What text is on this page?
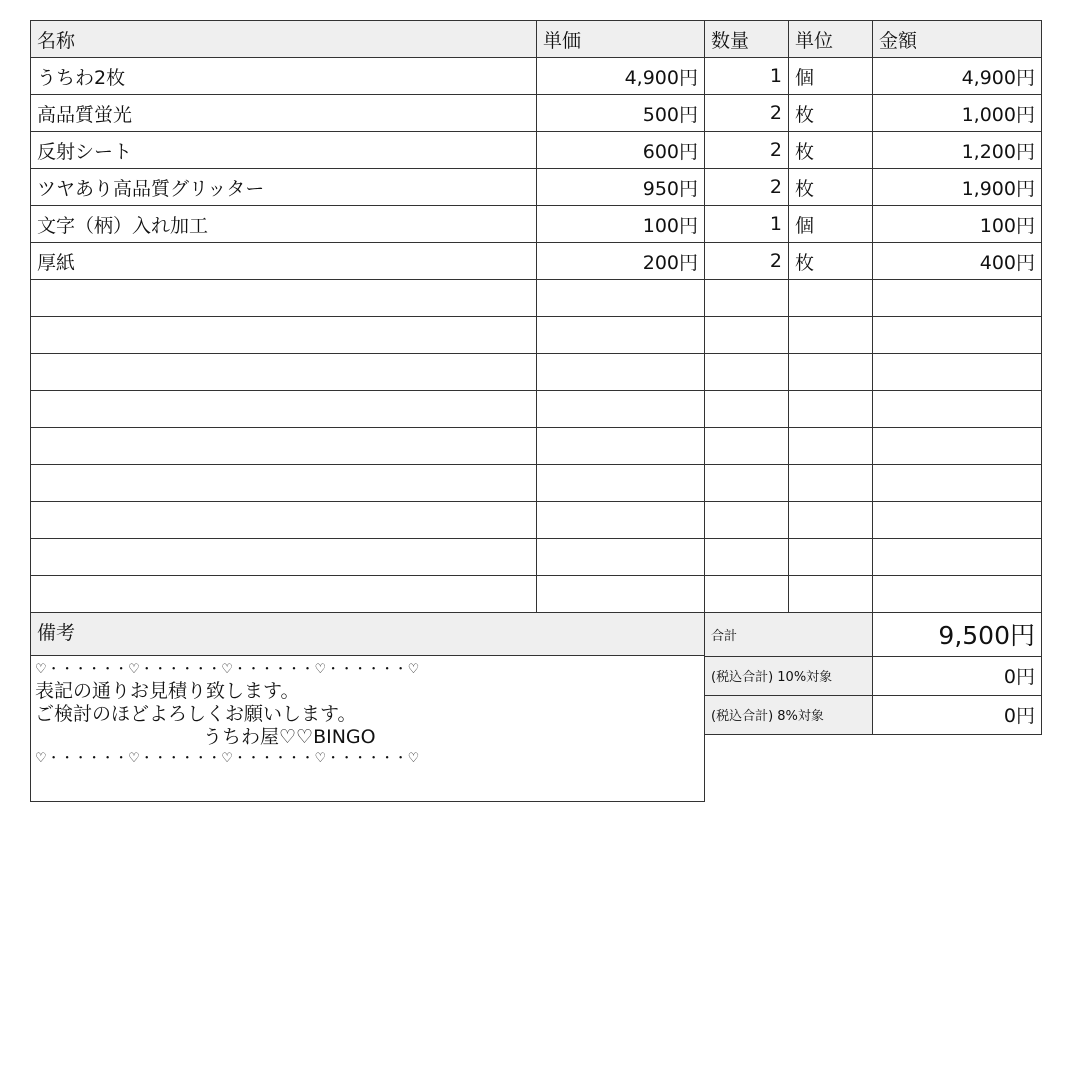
名称	単価	数量	単位	金額
うちわ2枚	4,900円	1	個	4,900円
高品質蛍光	500円	2	枚	1,000円
反射シート	600円	2	枚	1,200円
ツヤあり高品質グリッター	950円	2	枚	1,900円
文字（柄）入れ加工	100円	1	個	100円
厚紙	200円	2	枚	400円

備考
♡・・・・・・♡・・・・・・♡・・・・・・♡・・・・・・♡
表記の通りお見積り致します。
ご検討のほどよろしくお願いします。
うちわ屋♡♡BINGO
♡・・・・・・♡・・・・・・♡・・・・・・♡・・・・・・♡
合計	9,500円
(税込合計) 10%対象	0円
(税込合計) 8%対象	0円
